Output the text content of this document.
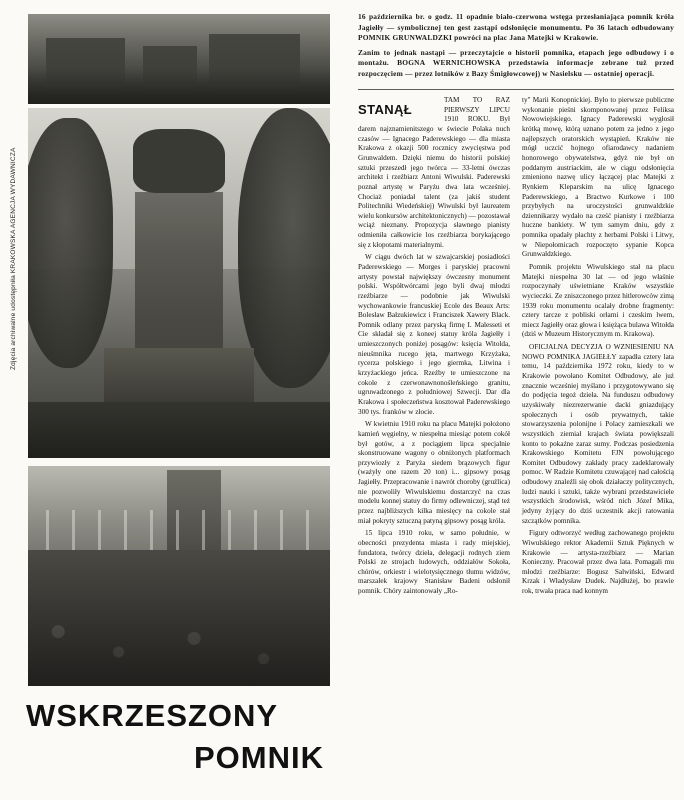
Zdjęcia archiwalne udostępniła KRAKOWSKA AGENCJA WYDAWNICZA
WSKRZESZONY
POMNIK

16 października br. o godz. 11 opadnie biało-czerwona wstęga przesłaniająca pomnik króla Jagiełły — symbolicznej ten gest zastąpi odsłonięcie monumentu. Po 36 latach odbudowany POMNIK GRUNWALDZKI powróci na plac Jana Matejki w Krakowie.

Zanim to jednak nastąpi — przeczytajcie o historii pomnika, etapach jego odbudowy i o montażu. BOGNA WERNICHOWSKA przedstawia informacje zebrane tuż przed rozpoczęciem — przez lotników z Bazy Śmigłowcowej) w Nasielsku — ostatniej operacji.

STANĄŁ

TAM TO RAZ PIERWSZY LIPCU 1910 ROKU. Był darem najznamienitszego w świecie Polaka nuch czasów — Ignacego Paderewskiego — dla miasta Krakowa z okazji 500 rocznicy zwycięstwa pod Grunwaldem. Dzięki niemu do historii polskiej sztuki przeszedł jego twórca — 33-letni ówczas architekt i rzeźbiarz Antoni Wiwulski. Paderewski poznał artystę w Paryżu dwa lata wcześniej. Chociaż poniadał talent (za jakiś student Politechniki Wiedeńskiej) Wiwulski był laureatem wielu konkursów architektonicznych) — pozostawał wciąż nieznany. Propozycja sławnego pianisty odmieniła całkowicie los rzeźbiarza borykającego się z kłopotami materialnymi.

W ciągu dwóch lat w szwajcarskiej posiadłości Paderewskiego — Morges i paryskiej pracowni artysty powstał największy ówczesny monument polski. Współtwórcami jego byli dwaj młodzi rzeźbiarze — podobnie jak Wiwulski wychowankowie francuskiej Ecole des Beaux Arts: Bolesław Bałzukiewicz i Franciszek Xawery Black. Pomnik odlany przez paryską firmę I. Malesseti et Cie składał się z koneej statuy króla Jagiełły i umieszczonych poniżej posągów: księcia Witolda, nieuśmnika rucego jęta, martwego Krzyżaka, rycerza polskiego i jego giermka, Litwina i krzyżackiego jeńca. Rzeźby te umieszczone na cokole z czerwonawnonośleńskiego granitu, ugruwadzonego z południowej Szwecji. Dar dla Krakowa i społeczeństwa kosztował Paderewskiego 300 tys. franków w złocie.

W kwietniu 1910 roku na placu Matejki położono kamień węgielny, w niespełna miesiąc potem cokół był gotów, a z pociągiem lipca specjalnie skonstruowane wagony o obniżonych platformach przywiozły z Paryża siedem brązowych figur (ważyły one razem 20 ton) i... gipsowy posąg Jagiełły. Przepracowanie i nawrót choroby (gruźlica) nie pozwoliły Wiwulskiemu dostarczyć na czas modelu konnej statuy do firmy odlewniczej, stąd też przez najbliższych kilka miesięcy na cokole stał miał pokryty sztuczną patyną gipsowy posąg króla.

15 lipca 1910 roku, w samo południe, w obecności prezydenta miasta i rady miejskiej, fundatora, twórcy dzieła, delegacji rodnych ziem Polski ze strojach ludowych, oddziałów Sokoła, chórów, orkiestr i wielotysięcznego tłumu widzów, marszałek krajowy Stanisław Badeni odsłonił pomnik. Chóry zaintonowały „Ro-

ty" Marii Konopnickiej. Było to pierwsze publiczne wykonanie pieśni skomponowanej przez Feliksa Nowowiejskiego. Ignacy Paderewski wygłosił krótką mowę, którą uznano potem za jedno z jego najlepszych oratorskich wystąpień. Kraków nie mógł uczcić hojnego ofiarodawcy nadaniem honorowego obywatelstwa, gdyż nie był on poddanym austriackim, ale w ciągu odsłonięcia zmieniono nazwę ulicy łączącej plac Matejki z Rynkiem Kleparskim na ulicę Ignacego Paderewskiego, a Bractwo Kurkowe i 100 przybyłych na uroczystości grunwaldzkie dziennikarzy wydało na cześć pianisty i rzeźbiarza huczne bankiety. W tym samym dniu, gdy z pomnika opadały płachty z herbami Polski i Litwy, w Niepołomicach rozpoczęto sypanie Kopca Grunwaldzkiego.

Pomnik projektu Wiwulskiego stał na placu Matejki niespełna 30 lat — od jego właśnie rozpoczynały uświetniane Kraków wszystkie wycieczki. Ze zniszczonego przez hitlerowców zimą 1939 roku monumentu ocalały drobne fragmenty: cztery tarcze z pobliski orłami i czeskim lwem, miecz Jagiełły oraz głowa i księżąca bulawa Witołda (dziś w Muzeum Historycznym m. Krakowa).

OFICJALNA DECYZJA O WZNIESIENIU NA NOWO POMNIKA JAGIEŁŁY zapadła cztery lata temu, 14 października 1972 roku, kiedy to w Krakowie powołano Komitet Odbudowy, ale już znacznie wcześniej myślano i przygotowywano się do podjęcia tegoż dzieła. Na funduszu odbudowy uzyskiwały niezrezerwanie dacki gniazdujący społecznych i osób prywatnych, takie stowarzyszenia polonijne i Polacy zamieszkali we wszystkich ziemiał krajach świata powiększali konto to pokaźne zaraz sumy. Podczas posiedzenia Krakowskiego Komitetu FJN powołującego Komitet Odbudowy zakłady pracy zadeklarowały pomoc. W Radzie Komitetu czuwającej nad całością odbudowy znaleźli się obok działaczy politycznych, ludzi nauki i sztuki, także wybrani przedstawiciele wszystkich środowisk, wśród nich Józef Mika, jedyny żyjący do dziś uczestnik akcji ratowania szczątków pomnika.

Figury odtworzyć według zachowanego projektu Wiwulskiego rektor Akademii Sztuk Pięknych w Krakowie — artysta-rzeźbiarz — Marian Konieczny. Pracował przez dwa lata. Pomagali mu młodzi rzeźbiarze: Bogusz Salwiński, Edward Krzak i Władysław Dudek. Najdłużej, bo prawie rok, trwała praca nad konnym
